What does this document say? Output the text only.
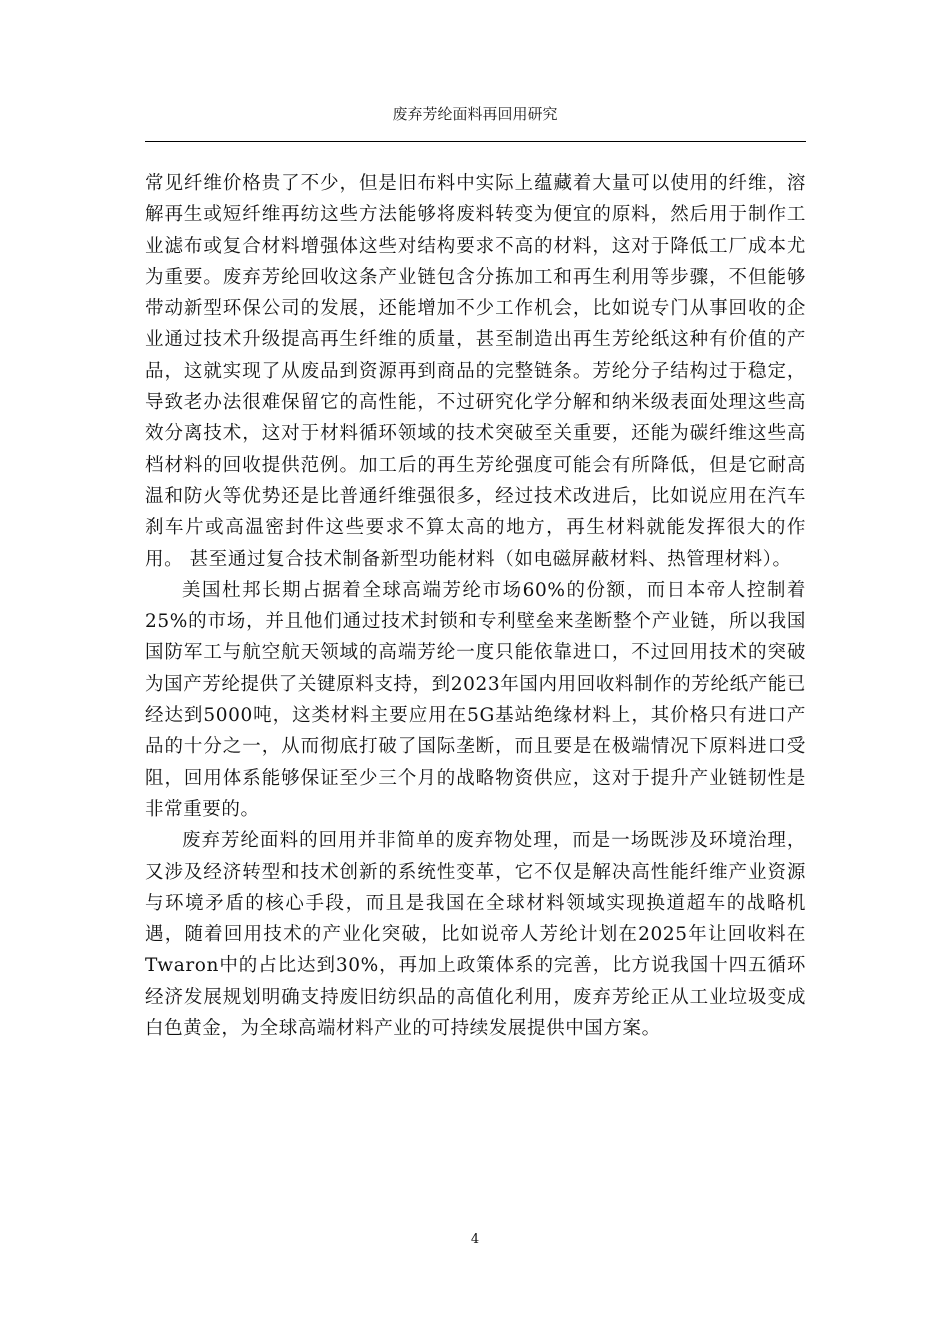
废弃芳纶面料再回用研究

常见纤维价格贵了不少，但是旧布料中实际上蕴藏着大量可以使用的纤维，溶解再生或短纤维再纺这些方法能够将废料转变为便宜的原料，然后用于制作工业滤布或复合材料增强体这些对结构要求不高的材料，这对于降低工厂成本尤为重要。废弃芳纶回收这条产业链包含分拣加工和再生利用等步骤，不但能够带动新型环保公司的发展，还能增加不少工作机会，比如说专门从事回收的企业通过技术升级提高再生纤维的质量，甚至制造出再生芳纶纸这种有价值的产品，这就实现了从废品到资源再到商品的完整链条。芳纶分子结构过于稳定，导致老办法很难保留它的高性能，不过研究化学分解和纳米级表面处理这些高效分离技术，这对于材料循环领域的技术突破至关重要，还能为碳纤维这些高档材料的回收提供范例。加工后的再生芳纶强度可能会有所降低，但是它耐高温和防火等优势还是比普通纤维强很多，经过技术改进后，比如说应用在汽车刹车片或高温密封件这些要求不算太高的地方，再生材料就能发挥很大的作用。 甚至通过复合技术制备新型功能材料（如电磁屏蔽材料、热管理材料）。

美国杜邦长期占据着全球高端芳纶市场60%的份额，而日本帝人控制着25%的市场，并且他们通过技术封锁和专利壁垒来垄断整个产业链，所以我国国防军工与航空航天领域的高端芳纶一度只能依靠进口，不过回用技术的突破为国产芳纶提供了关键原料支持，到2023年国内用回收料制作的芳纶纸产能已经达到5000吨，这类材料主要应用在5G基站绝缘材料上，其价格只有进口产品的十分之一，从而彻底打破了国际垄断，而且要是在极端情况下原料进口受阻，回用体系能够保证至少三个月的战略物资供应，这对于提升产业链韧性是非常重要的。

废弃芳纶面料的回用并非简单的废弃物处理，而是一场既涉及环境治理，又涉及经济转型和技术创新的系统性变革，它不仅是解决高性能纤维产业资源与环境矛盾的核心手段，而且是我国在全球材料领域实现换道超车的战略机遇，随着回用技术的产业化突破，比如说帝人芳纶计划在2025年让回收料在Twaron中的占比达到30%，再加上政策体系的完善，比方说我国十四五循环经济发展规划明确支持废旧纺织品的高值化利用，废弃芳纶正从工业垃圾变成白色黄金，为全球高端材料产业的可持续发展提供中国方案。

4
